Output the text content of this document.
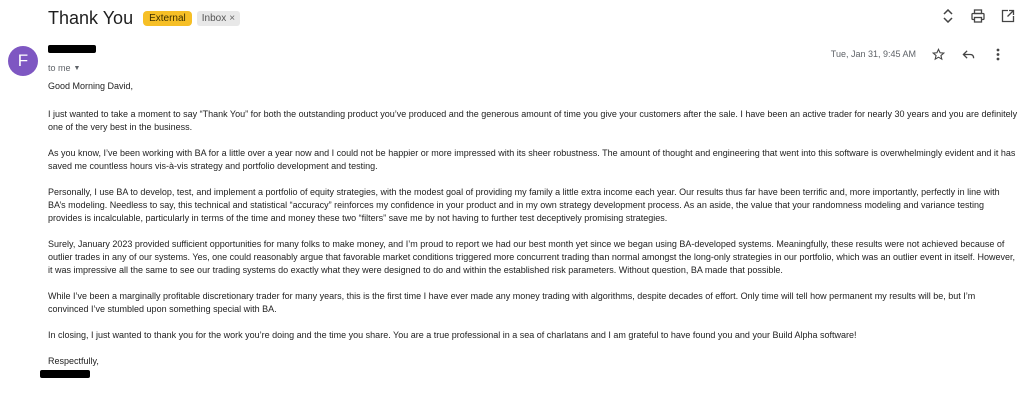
Thank You	External	Inbox ×
F to me ▼
Tue, Jan 31, 9:45 AM

Good Morning David,

I just wanted to take a moment to say “Thank You” for both the outstanding product you’ve produced and the generous amount of time you give your customers after the sale. I have been an active trader for nearly 30 years and you are definitely one of the very best in the business.

As you know, I’ve been working with BA for a little over a year now and I could not be happier or more impressed with its sheer robustness. The amount of thought and engineering that went into this software is overwhelmingly evident and it has saved me countless hours vis-à-vis strategy and portfolio development and testing.

Personally, I use BA to develop, test, and implement a portfolio of equity strategies, with the modest goal of providing my family a little extra income each year. Our results thus far have been terrific and, more importantly, perfectly in line with BA’s modeling. Needless to say, this technical and statistical “accuracy” reinforces my confidence in your product and in my own strategy development process. As an aside, the value that your randomness modeling and variance testing provides is incalculable, particularly in terms of the time and money these two “filters” save me by not having to further test deceptively promising strategies.

Surely, January 2023 provided sufficient opportunities for many folks to make money, and I’m proud to report we had our best month yet since we began using BA-developed systems. Meaningfully, these results were not achieved because of outlier trades in any of our systems. Yes, one could reasonably argue that favorable market conditions triggered more concurrent trading than normal amongst the long-only strategies in our portfolio, which was an outlier event in itself. However, it was impressive all the same to see our trading systems do exactly what they were designed to do and within the established risk parameters. Without question, BA made that possible.

While I’ve been a marginally profitable discretionary trader for many years, this is the first time I have ever made any money trading with algorithms, despite decades of effort. Only time will tell how permanent my results will be, but I’m convinced I’ve stumbled upon something special with BA.

In closing, I just wanted to thank you for the work you’re doing and the time you share. You are a true professional in a sea of charlatans and I am grateful to have found you and your Build Alpha software!

Respectfully,
